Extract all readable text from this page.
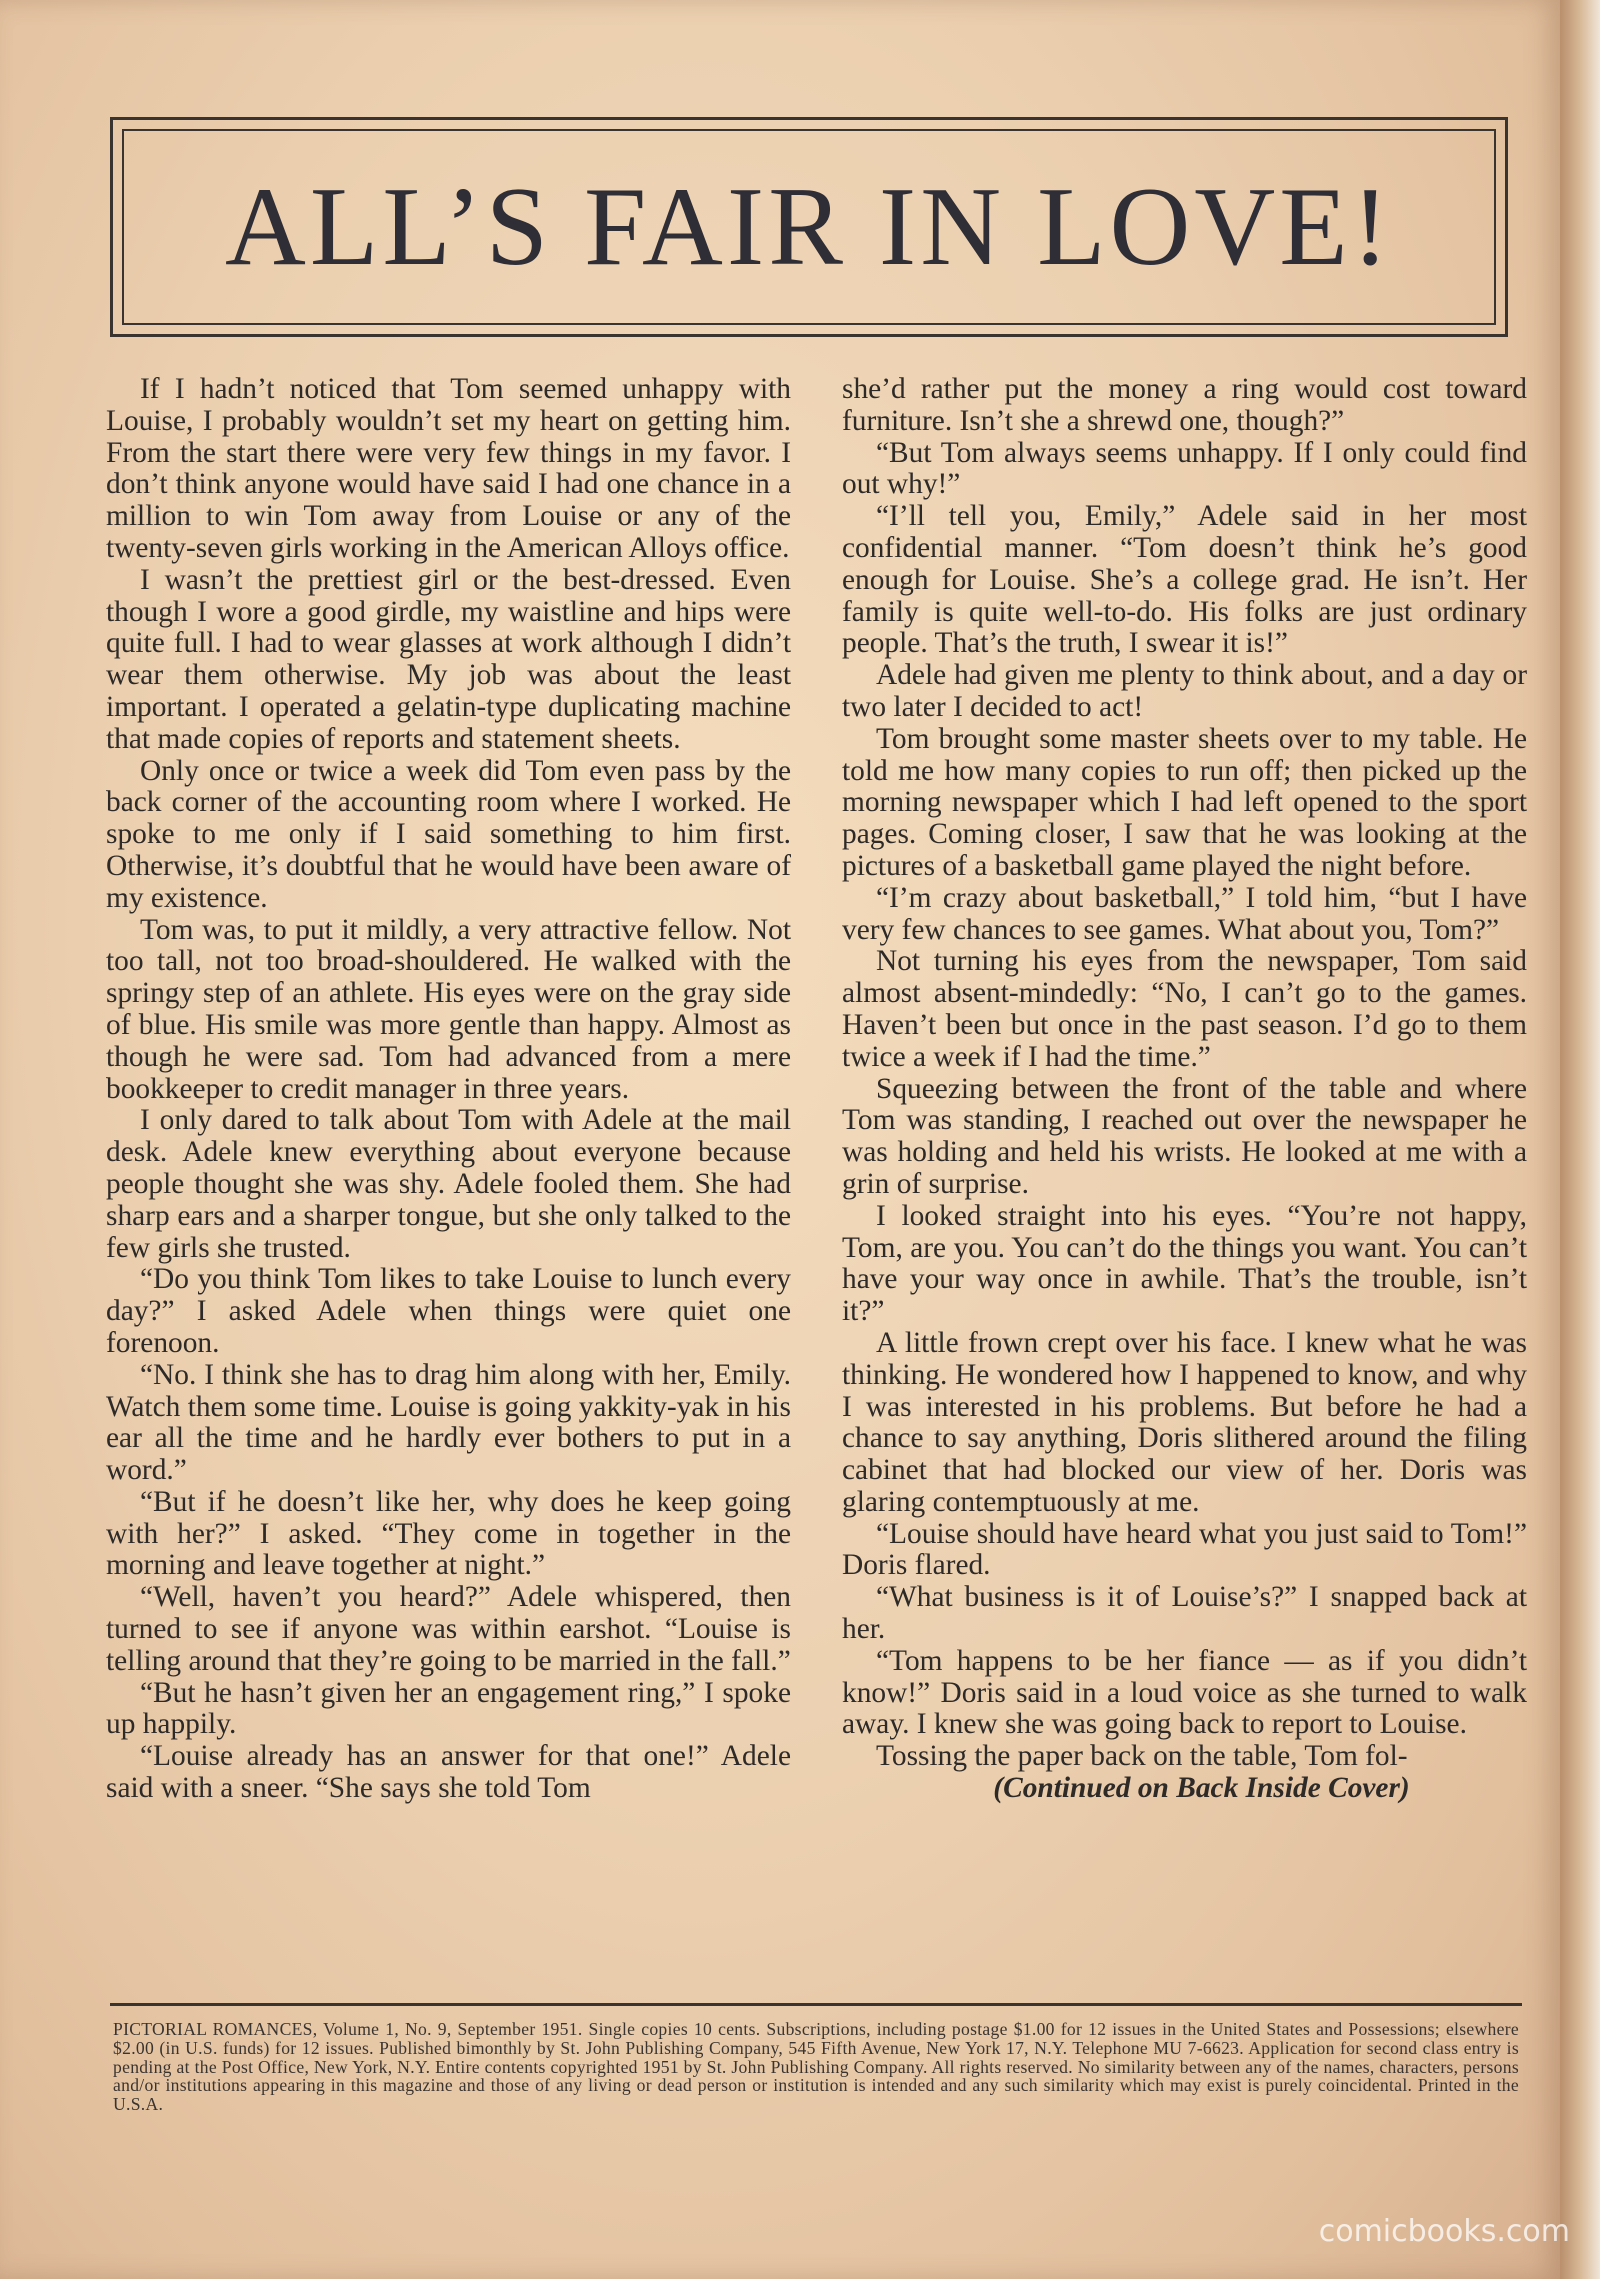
ALL’S FAIR IN LOVE!

If I hadn’t noticed that Tom seemed unhappy with Louise, I probably wouldn’t set my heart on getting him. From the start there were very few things in my favor. I don’t think anyone would have said I had one chance in a million to win Tom away from Louise or any of the twenty-seven girls working in the American Alloys office.

I wasn’t the prettiest girl or the best-dressed. Even though I wore a good girdle, my waistline and hips were quite full. I had to wear glasses at work although I didn’t wear them otherwise. My job was about the least important. I operated a gelatin-type duplicating machine that made copies of reports and statement sheets.

Only once or twice a week did Tom even pass by the back corner of the accounting room where I worked. He spoke to me only if I said something to him first. Otherwise, it’s doubtful that he would have been aware of my existence.

Tom was, to put it mildly, a very attractive fellow. Not too tall, not too broad-shouldered. He walked with the springy step of an athlete. His eyes were on the gray side of blue. His smile was more gentle than happy. Almost as though he were sad. Tom had advanced from a mere bookkeeper to credit manager in three years.

I only dared to talk about Tom with Adele at the mail desk. Adele knew everything about everyone because people thought she was shy. Adele fooled them. She had sharp ears and a sharper tongue, but she only talked to the few girls she trusted.

“Do you think Tom likes to take Louise to lunch every day?” I asked Adele when things were quiet one forenoon.

“No. I think she has to drag him along with her, Emily. Watch them some time. Louise is going yakkity-yak in his ear all the time and he hardly ever bothers to put in a word.”

“But if he doesn’t like her, why does he keep going with her?” I asked. “They come in together in the morning and leave together at night.”

“Well, haven’t you heard?” Adele whispered, then turned to see if anyone was within earshot. “Louise is telling around that they’re going to be married in the fall.”

“But he hasn’t given her an engagement ring,” I spoke up happily.

“Louise already has an answer for that one!” Adele said with a sneer. “She says she told Tom

she’d rather put the money a ring would cost toward furniture. Isn’t she a shrewd one, though?”

“But Tom always seems unhappy. If I only could find out why!”

“I’ll tell you, Emily,” Adele said in her most confidential manner. “Tom doesn’t think he’s good enough for Louise. She’s a college grad. He isn’t. Her family is quite well-to-do. His folks are just ordinary people. That’s the truth, I swear it is!”

Adele had given me plenty to think about, and a day or two later I decided to act!

Tom brought some master sheets over to my table. He told me how many copies to run off; then picked up the morning newspaper which I had left opened to the sport pages. Coming closer, I saw that he was looking at the pictures of a basketball game played the night before.

“I’m crazy about basketball,” I told him, “but I have very few chances to see games. What about you, Tom?”

Not turning his eyes from the newspaper, Tom said almost absent-mindedly: “No, I can’t go to the games. Haven’t been but once in the past season. I’d go to them twice a week if I had the time.”

Squeezing between the front of the table and where Tom was standing, I reached out over the newspaper he was holding and held his wrists. He looked at me with a grin of surprise.

I looked straight into his eyes. “You’re not happy, Tom, are you. You can’t do the things you want. You can’t have your way once in awhile. That’s the trouble, isn’t it?”

A little frown crept over his face. I knew what he was thinking. He wondered how I happened to know, and why I was interested in his problems. But before he had a chance to say anything, Doris slithered around the filing cabinet that had blocked our view of her. Doris was glaring contemptuously at me.

“Louise should have heard what you just said to Tom!” Doris flared.

“What business is it of Louise’s?” I snapped back at her.

“Tom happens to be her fiance — as if you didn’t know!” Doris said in a loud voice as she turned to walk away. I knew she was going back to report to Louise.

Tossing the paper back on the table, Tom fol-

(Continued on Back Inside Cover)

PICTORIAL ROMANCES, Volume 1, No. 9, September 1951. Single copies 10 cents. Subscriptions, including postage $1.00 for 12 issues in the United States and Possessions; elsewhere $2.00 (in U.S. funds) for 12 issues. Published bimonthly by St. John Publishing Company, 545 Fifth Avenue, New York 17, N.Y. Telephone MU 7-6623. Application for second class entry is pending at the Post Office, New York, N.Y. Entire contents copyrighted 1951 by St. John Publishing Company. All rights reserved. No similarity between any of the names, characters, persons and/or institutions appearing in this magazine and those of any living or dead person or institution is intended and any such similarity which may exist is purely coincidental. Printed in the U.S.A.
comicbooks.com
